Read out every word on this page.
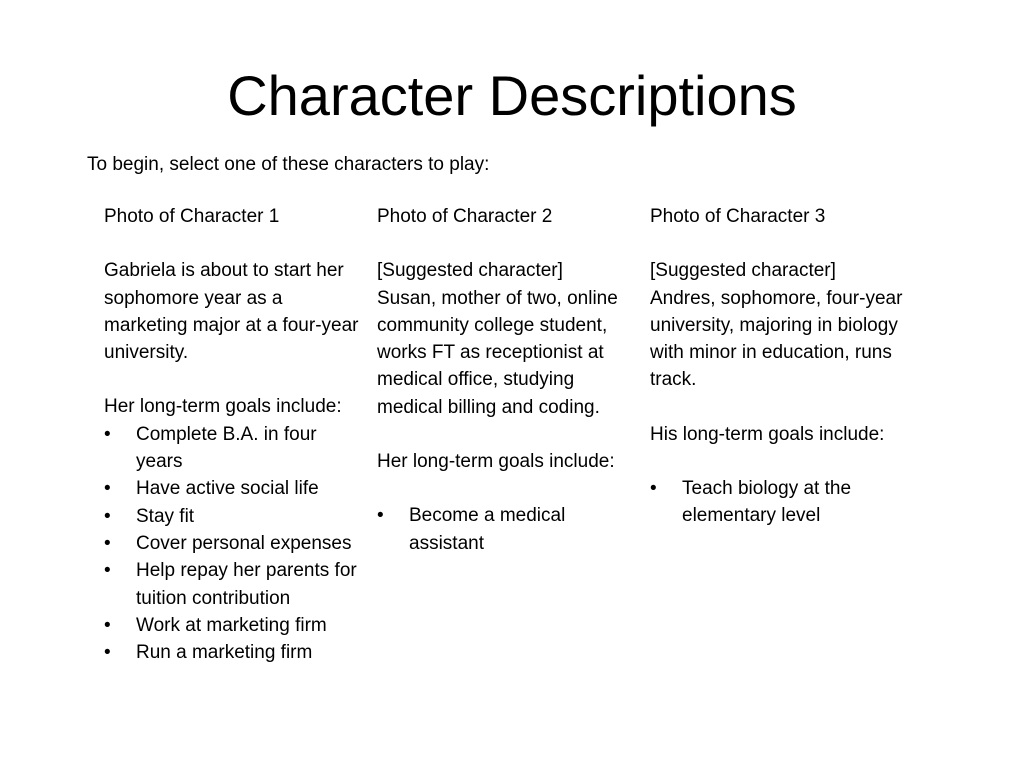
Character Descriptions

To begin, select one of these characters to play:

Photo of Character 1

Gabriela is about to start her sophomore year as a marketing major at a four-year university.

Her long-term goals include:

•	Complete B.A. in four years
•	Have active social life
•	Stay fit
•	Cover personal expenses
•	Help repay her parents for tuition contribution
•	Work at marketing firm
•	Run a marketing firm

Photo of Character 2

[Suggested character]

Susan, mother of two, online community college student, works FT as receptionist at medical office, studying medical billing and coding.

Her long-term goals include:

•	Become a medical assistant

Photo of Character 3

[Suggested character]

Andres, sophomore, four-year university, majoring in biology with minor in education, runs track.

His long-term goals include:

•	Teach biology at the elementary level
